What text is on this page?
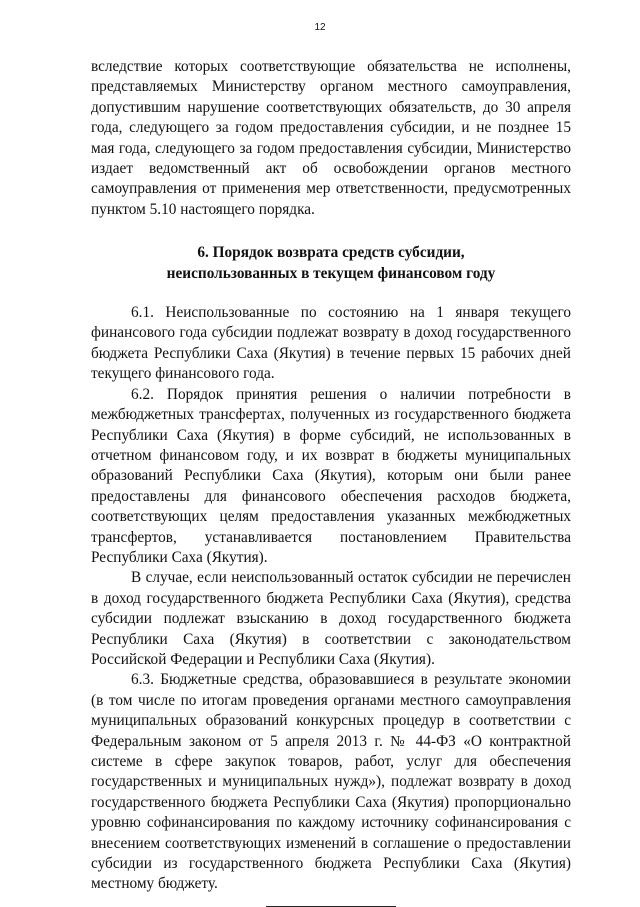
12

вследствие которых соответствующие обязательства не исполнены, представляемых Министерству органом местного самоуправления, допустившим нарушение соответствующих обязательств, до 30 апреля года, следующего за годом предоставления субсидии, и не позднее 15 мая года, следующего за годом предоставления субсидии, Министерство издает ведомственный акт об освобождении органов местного самоуправления от применения мер ответственности, предусмотренных пунктом 5.10 настоящего порядка.

6. Порядок возврата средств субсидии,
неиспользованных в текущем финансовом году

6.1. Неиспользованные по состоянию на 1 января текущего финансового года субсидии подлежат возврату в доход государственного бюджета Республики Саха (Якутия) в течение первых 15 рабочих дней текущего финансового года.

6.2. Порядок принятия решения о наличии потребности в межбюджетных трансфертах, полученных из государственного бюджета Республики Саха (Якутия) в форме субсидий, не использованных в отчетном финансовом году, и их возврат в бюджеты муниципальных образований Республики Саха (Якутия), которым они были ранее предоставлены для финансового обеспечения расходов бюджета, соответствующих целям предоставления указанных межбюджетных трансфертов, устанавливается постановлением Правительства Республики Саха (Якутия).

В случае, если неиспользованный остаток субсидии не перечислен в доход государственного бюджета Республики Саха (Якутия), средства субсидии подлежат взысканию в доход государственного бюджета Республики Саха (Якутия) в соответствии с законодательством Российской Федерации и Республики Саха (Якутия).

6.3. Бюджетные средства, образовавшиеся в результате экономии (в том числе по итогам проведения органами местного самоуправления муниципальных образований конкурсных процедур в соответствии с Федеральным законом от 5 апреля 2013 г. № 44-ФЗ «О контрактной системе в сфере закупок товаров, работ, услуг для обеспечения государственных и муниципальных нужд»), подлежат возврату в доход государственного бюджета Республики Саха (Якутия) пропорционально уровню софинансирования по каждому источнику софинансирования с внесением соответствующих изменений в соглашение о предоставлении субсидии из государственного бюджета Республики Саха (Якутия) местному бюджету.
